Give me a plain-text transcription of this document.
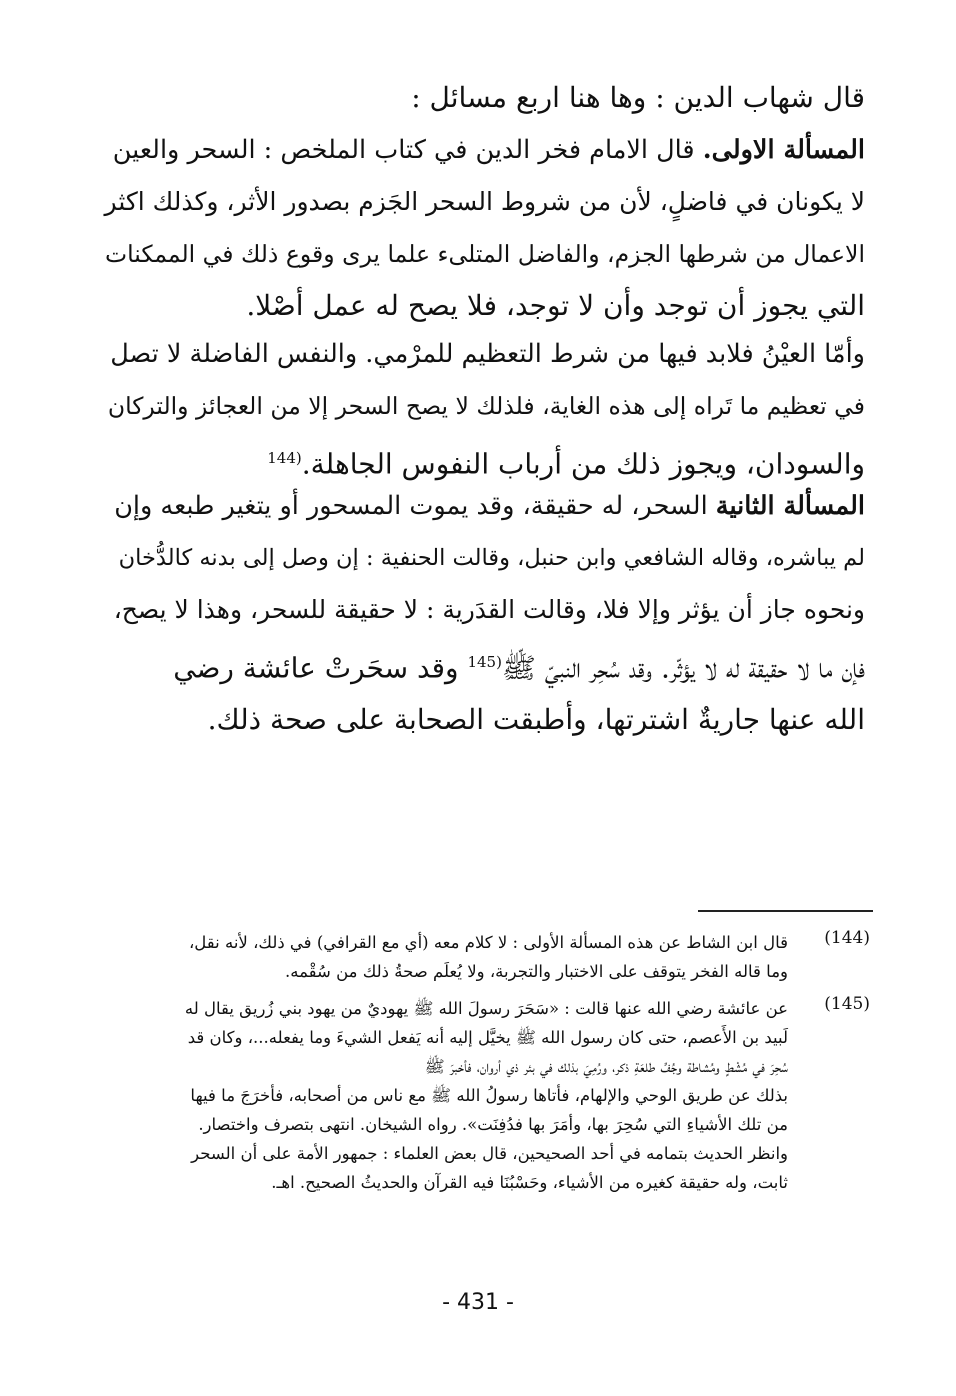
قال شهاب الدين : وها هنا اربع مسائل :
المسألة الاولى. قال الامام فخر الدين في كتاب الملخص : السحر والعين
لا يكونان في فاضلٍ، لأن من شروط السحر الجَزم بصدور الأثر، وكذلك اكثر
الاعمال من شرطها الجزم، والفاضل المتلىء علما يرى وقوع ذلك في الممكنات
التي يجوز أن توجد وأن لا توجد، فلا يصح له عمل أصْلا.
وأمّا العيْنُ فلابد فيها من شرط التعظيم للمرْمي. والنفس الفاضلة لا تصل
في تعظيم ما تَراه إلى هذه الغاية، فلذلك لا يصح السحر إلا من العجائز والتركان
والسودان، ويجوز ذلك من أرباب النفوس الجاهلة.$^{(144}$
المسألة الثانية السحر، له حقيقة، وقد يموت المسحور أو يتغير طبعه وإن
لم يباشره، وقاله الشافعي وابن حنبل، وقالت الحنفية : إن وصل إلى بدنه كالدُّخان
ونحوه جاز أن يؤثر وإلا فلا، وقالت القدَرية : لا حقيقة للسحر، وهذا لا يصح،
فإن ما لا حقيقة له لا يؤثّر. وقد سُحِر النبيّ ﷺ$^{(145}$ وقد سحَرتْ عائشة رضي
الله عنها جاريةٌ اشترتها، وأطبقت الصحابة على صحة ذلك.
(144)
قال ابن الشاط عن هذه المسألة الأولى : لا كلام معه (أي مع القرافي) في ذلك، لأنه نقل،
وما قاله الفخر يتوقف على الاختبار والتجربة، ولا يُعلَم صحةُ ذلك من سُقْمه.
(145)
عن عائشة رضي الله عنها قالت : «سَحَرَ رسولَ الله ﷺ يهوديٌ من يهود بني زُريق يقال له
لَبيد بن الأَعصم، حتى كان رسول الله ﷺ يخيَّل إليه أنه يَفعل الشيءَ وما يفعله...، وكان قد
سُحِرَ في مُشْطٍ ومُشاطة وجُفِّ طلعَةِ ذكر، ورُمِيَ بذلك في بئر ذي أروان، فأخبرَ ﷺ
بذلك عن طريق الوحي والإلهام، فأتاها رسولُ الله ﷺ مع ناس من أصحابه، فأخرَجَ ما فيها
من تلك الأشياءِ التي سُحِرَ بها، وأمَرَ بها فدُفِنَت». رواه الشيخان. انتهى بتصرف واختصار.
وانظر الحديث بتمامه في أحد الصحيحين، قال بعض العلماء : جمهور الأمة على أن السحر
ثابت، وله حقيقة كغيره من الأشياء، وحَسْبُنَا فيه القرآن والحديثُ الصحيح. اهـ.
- 431 -
